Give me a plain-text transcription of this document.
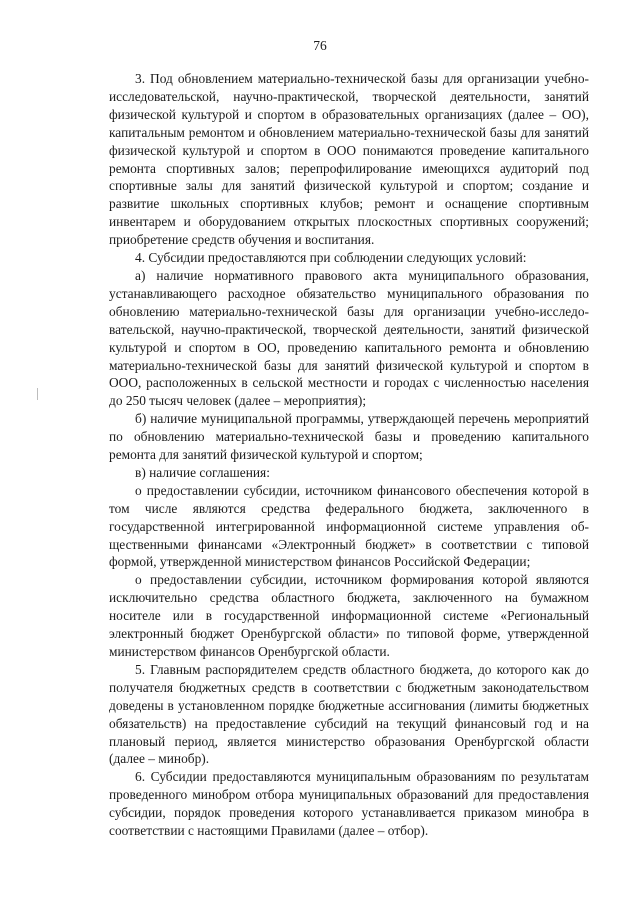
76

3. Под обновлением материально-технической базы для организации учебно-исследовательской, научно-практической, творческой деятельности, занятий физической культурой и спортом в образовательных организациях (далее – ОО), капитальным ремонтом и обновлением материально-технической базы для занятий физической культурой и спортом в ООО понимаются проведение капитального ремонта спортивных залов; перепрофилирование имеющихся аудиторий под спортивные залы для занятий физической культурой и спортом; создание и развитие школьных спортивных клубов; ремонт и оснащение спортивным инвентарем и оборудованием открытых плоскостных спортивных сооружений; приобретение средств обучения и воспитания.

4. Субсидии предоставляются при соблюдении следующих условий:

а) наличие нормативного правового акта муниципального образования, устанавливающего расходное обязательство муниципального образования по обновлению материально-технической базы для организации учебно-исследовательской, научно-практической, творческой деятельности, занятий физической культурой и спортом в ОО, проведению капитального ремонта и обновлению материально-технической базы для занятий физической культурой и спортом в ООО, расположенных в сельской местности и городах с численностью населения до 250 тысяч человек (далее – мероприятия);

б) наличие муниципальной программы, утверждающей перечень мероприятий по обновлению материально-технической базы и проведению капитального ремонта для занятий физической культурой и спортом;

в) наличие соглашения:

о предоставлении субсидии, источником финансового обеспечения которой в том числе являются средства федерального бюджета, заключенного в государственной интегрированной информационной системе управления общественными финансами «Электронный бюджет» в соответствии с типовой формой, утвержденной министерством финансов Российской Федерации;

о предоставлении субсидии, источником формирования которой являются исключительно средства областного бюджета, заключенного на бумажном носителе или в государственной информационной системе «Региональный электронный бюджет Оренбургской области» по типовой форме, утвержденной министерством финансов Оренбургской области.

5. Главным распорядителем средств областного бюджета, до которого как до получателя бюджетных средств в соответствии с бюджетным законодательством доведены в установленном порядке бюджетные ассигнования (лимиты бюджетных обязательств) на предоставление субсидий на текущий финансовый год и на плановый период, является министерство образования Оренбургской области (далее – минобр).

6. Субсидии предоставляются муниципальным образованиям по результатам проведенного минобром отбора муниципальных образований для предоставления субсидии, порядок проведения которого устанавливается приказом минобра в соответствии с настоящими Правилами (далее – отбор).
